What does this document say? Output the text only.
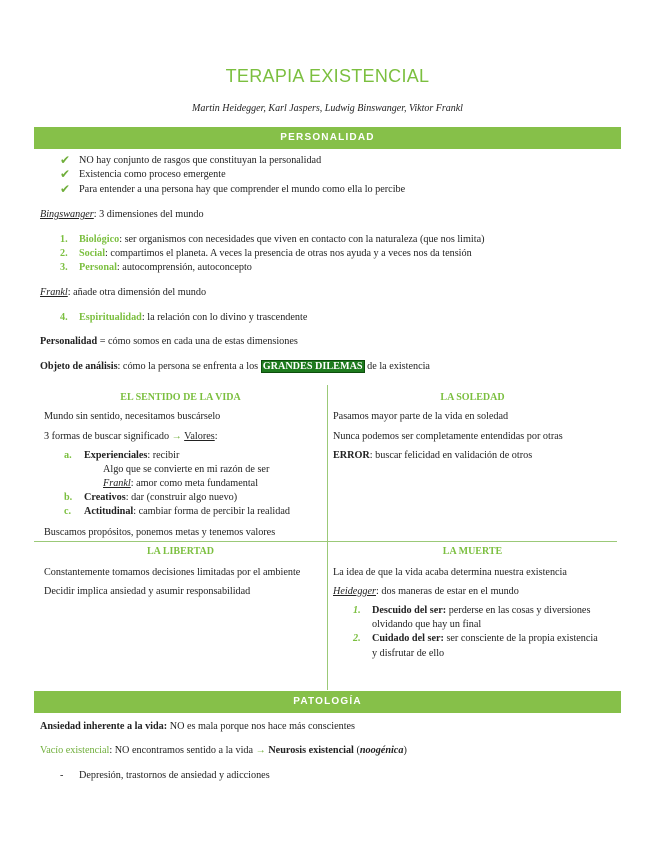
TERAPIA EXISTENCIAL
Martin Heidegger, Karl Jaspers, Ludwig Binswanger, Viktor Frankl
PERSONALIDAD
✔ NO hay conjunto de rasgos que constituyan la personalidad
✔ Existencia como proceso emergente
✔ Para entender a una persona hay que comprender el mundo como ella lo percibe
Bingswanger: 3 dimensiones del mundo
1. Biológico: ser organismos con necesidades que viven en contacto con la naturaleza (que nos limita)
2. Social: compartimos el planeta. A veces la presencia de otras nos ayuda y a veces nos da tensión
3. Personal: autocomprensión, autoconcepto
Frankl: añade otra dimensión del mundo
4. Espiritualidad: la relación con lo divino y trascendente
Personalidad = cómo somos en cada una de estas dimensiones
Objeto de análisis: cómo la persona se enfrenta a los GRANDES DILEMAS de la existencia
EL SENTIDO DE LA VIDA
Mundo sin sentido, necesitamos buscárselo
3 formas de buscar significado → Valores:
a. Experienciales: recibir
Algo que se convierte en mi razón de ser
Frankl: amor como meta fundamental
b. Creativos: dar (construir algo nuevo)
c. Actitudinal: cambiar forma de percibir la realidad
Buscamos propósitos, ponemos metas y tenemos valores
LA SOLEDAD
Pasamos mayor parte de la vida en soledad
Nunca podemos ser completamente entendidas por otras
ERROR: buscar felicidad en validación de otros
LA LIBERTAD
Constantemente tomamos decisiones limitadas por el ambiente
Decidir implica ansiedad y asumir responsabilidad
LA MUERTE
La idea de que la vida acaba determina nuestra existencia
Heidegger: dos maneras de estar en el mundo
1. Descuido del ser: perderse en las cosas y diversiones
olvidando que hay un final
2. Cuidado del ser: ser consciente de la propia existencia
y disfrutar de ello
PATOLOGÍA
Ansiedad inherente a la vida: NO es mala porque nos hace más conscientes
Vacío existencial: NO encontramos sentido a la vida → Neurosis existencial (noogénica)
- Depresión, trastornos de ansiedad y adicciones
